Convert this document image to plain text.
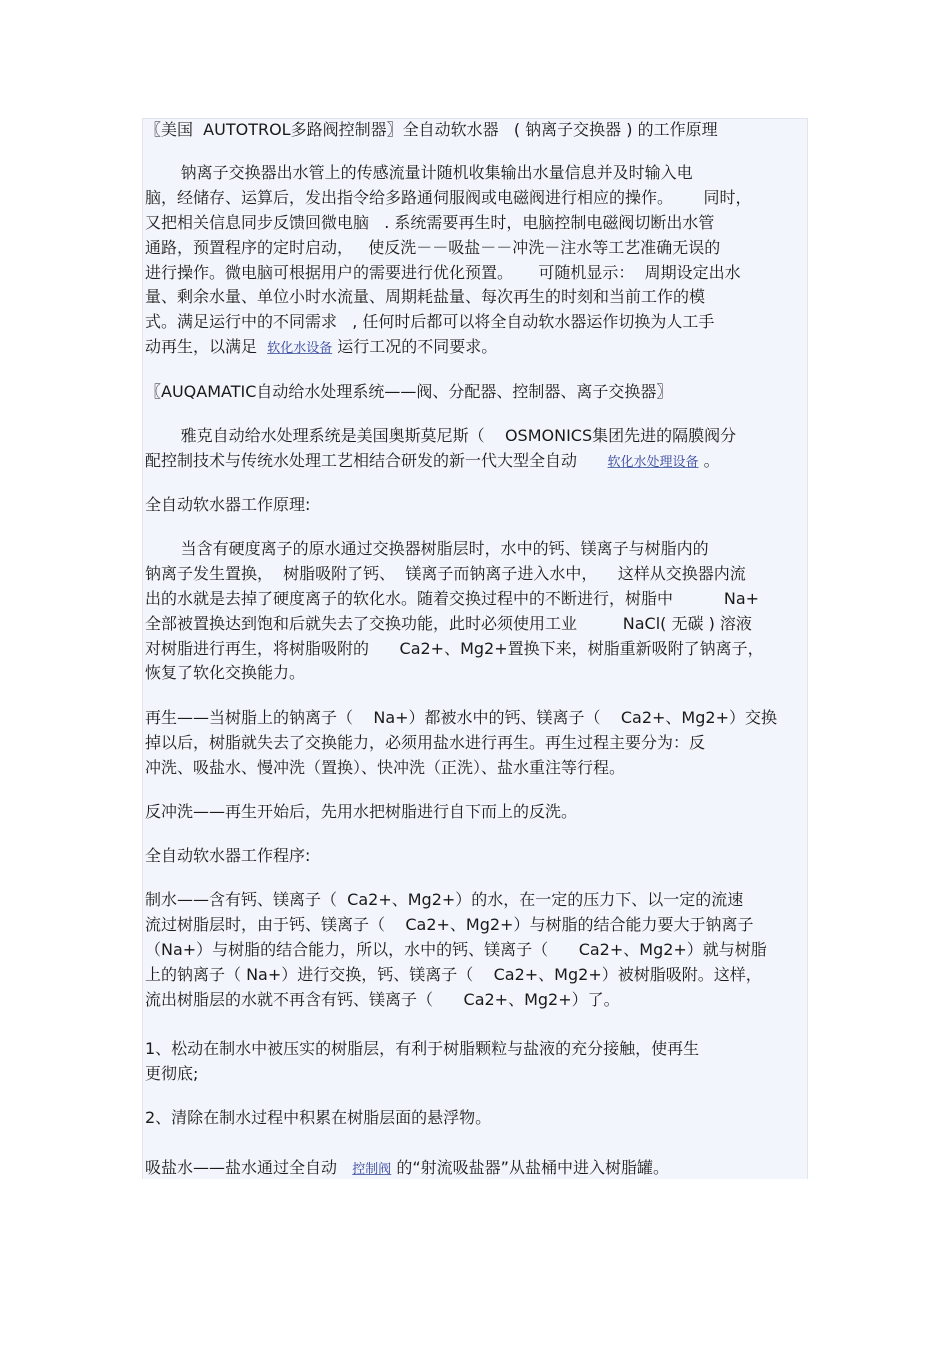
〖美国  AUTOTROL多路阀控制器〗全自动软水器   ( 钠离子交换器 ) 的工作原理
钠离子交换器出水管上的传感流量计随机收集输出水量信息并及时输入电
脑，经储存、运算后，发出指令给多路通伺服阀或电磁阀进行相应的操作。      同时，
又把相关信息同步反馈回微电脑   . 系统需要再生时，电脑控制电磁阀切断出水管
通路，预置程序的定时启动，   使反洗－－吸盐－－冲洗－注水等工艺准确无误的
进行操作。微电脑可根据用户的需要进行优化预置。     可随机显示：  周期设定出水
量、剩余水量、单位小时水流量、周期耗盐量、每次再生的时刻和当前工作的模
式。满足运行中的不同需求   , 任何时后都可以将全自动软水器运作切换为人工手
动再生，以满足  软化水设备 运行工况的不同要求。
〖AUQAMATIC自动给水处理系统——阀、分配器、控制器、离子交换器〗
雅克自动给水处理系统是美国奥斯莫尼斯（    OSMONICS集团先进的隔膜阀分
配控制技术与传统水处理工艺相结合研发的新一代大型全自动      软化水处理设备 。
全自动软水器工作原理:
当含有硬度离子的原水通过交换器树脂层时，水中的钙、镁离子与树脂内的
钠离子发生置换，  树脂吸附了钙、  镁离子而钠离子进入水中，    这样从交换器内流
出的水就是去掉了硬度离子的软化水。随着交换过程中的不断进行，树脂中          Na+
全部被置换达到饱和后就失去了交换功能，此时必须使用工业         NaCl( 无碳 ) 溶液
对树脂进行再生，将树脂吸附的      Ca2+、Mg2+置换下来，树脂重新吸附了钠离子，
恢复了软化交换能力。
再生——当树脂上的钠离子（    Na+）都被水中的钙、镁离子（    Ca2+、Mg2+）交换
掉以后，树脂就失去了交换能力，必须用盐水进行再生。再生过程主要分为：反
冲洗、吸盐水、慢冲洗（置换）、快冲洗（正洗）、盐水重注等行程。
反冲洗——再生开始后，先用水把树脂进行自下而上的反洗。
全自动软水器工作程序:
制水——含有钙、镁离子（  Ca2+、Mg2+）的水，在一定的压力下、以一定的流速
流过树脂层时，由于钙、镁离子（    Ca2+、Mg2+）与树脂的结合能力要大于钠离子
（Na+）与树脂的结合能力，所以，水中的钙、镁离子（      Ca2+、Mg2+）就与树脂
上的钠离子（ Na+）进行交换，钙、镁离子（    Ca2+、Mg2+）被树脂吸附。这样，
流出树脂层的水就不再含有钙、镁离子（      Ca2+、Mg2+）了。
1、松动在制水中被压实的树脂层，有利于树脂颗粒与盐液的充分接触，使再生
更彻底;
2、清除在制水过程中积累在树脂层面的悬浮物。
吸盐水——盐水通过全自动   控制阀 的“射流吸盐器”从盐桶中进入树脂罐。
